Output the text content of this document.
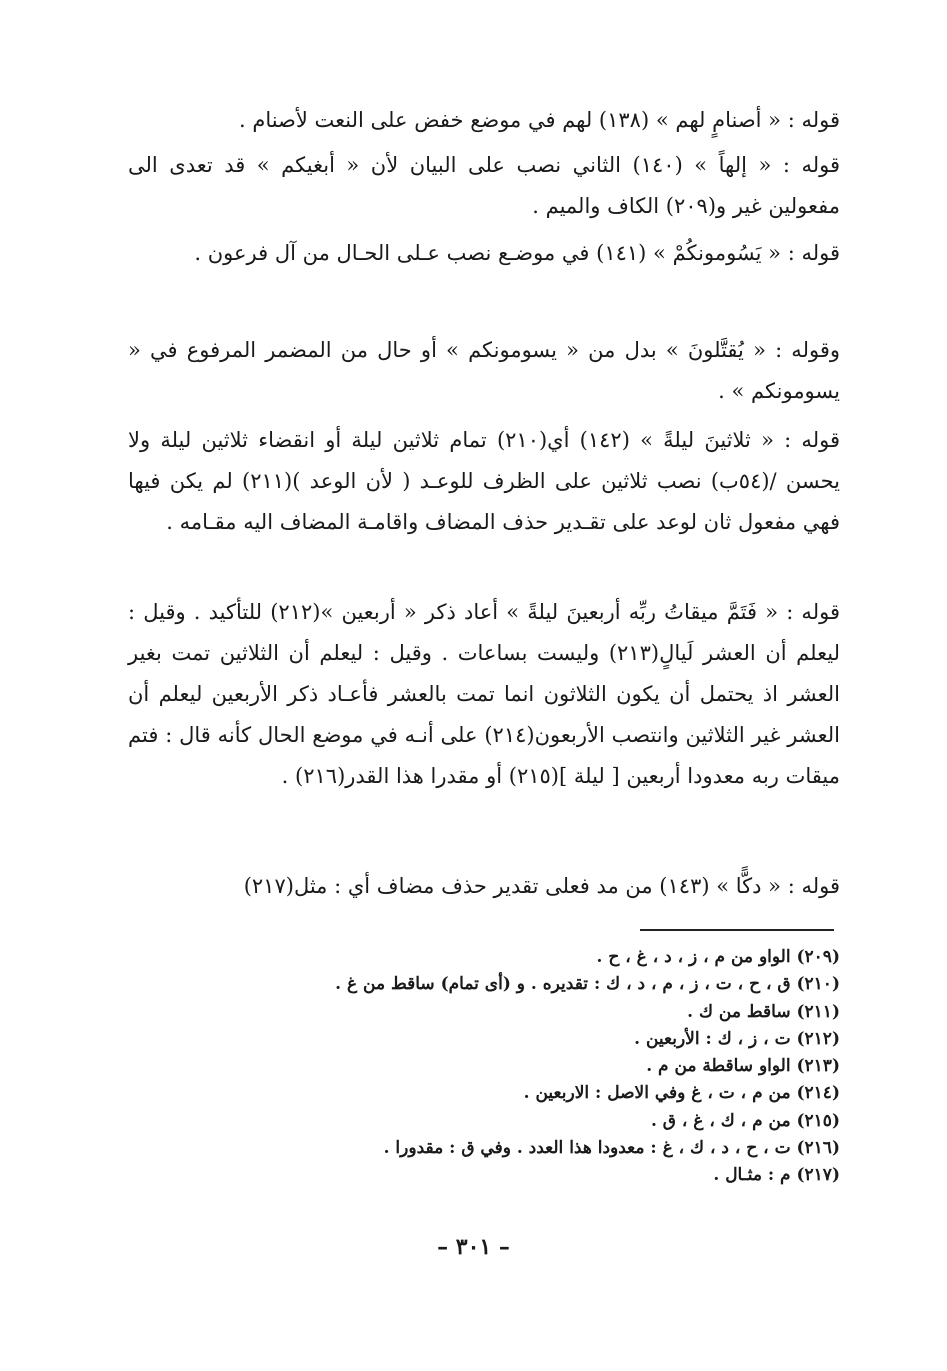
قوله : « أصنامٍ لهم » (١٣٨) لهم في موضع خفض على النعت لأصنام .

قوله : « إلهاً » (١٤٠) الثاني نصب على البيان لأن « أبغيكم » قد تعدى الى مفعولين غير و(٢٠٩) الكاف والميم .

قوله : « يَسُومونكُمْ » (١٤١) في موضـع نصب عـلى الحـال من آل فرعون .

وقوله : « يُقتَّلونَ » بدل من « يسومونكم » أو حال من المضمر المرفوع في « يسومونكم » .

قوله : « ثلاثينَ ليلةً » (١٤٢) أي(٢١٠) تمام ثلاثين ليلة أو انقضاء ثلاثين ليلة ولا يحسن /(٥٤ب) نصب ثلاثين على الظرف للوعـد ( لأن الوعد )(٢١١) لم يكن فيها فهي مفعول ثان لوعد على تقـدير حذف المضاف واقامـة المضاف اليه مقـامه .

قوله : « فَتَمَّ ميقاتُ ربِّه أربعينَ ليلةً » أعاد ذكر « أربعين »(٢١٢) للتأكيد . وقيل : ليعلم أن العشر لَيالٍ(٢١٣) وليست بساعات . وقيل : ليعلم أن الثلاثين تمت بغير العشر اذ يحتمل أن يكون الثلاثون انما تمت بالعشر فأعـاد ذكر الأربعين ليعلم أن العشر غير الثلاثين وانتصب الأربعون(٢١٤) على أنـه في موضع الحال كأنه قال : فتم ميقات ربه معدودا أربعين [ ليلة ](٢١٥) أو مقدرا هذا القدر(٢١٦) .

قوله : « دكًّا » (١٤٣) من مد فعلى تقدير حذف مضاف أي : مثل(٢١٧)

(٢٠٩) الواو من م ، ز ، د ، غ ، ح .
(٢١٠) ق ، ح ، ت ، ز ، م ، د ، ك : تقديره . و (أى تمام) ساقط من غ .
(٢١١) ساقط من ك .
(٢١٢) ت ، ز ، ك : الأربعين .
(٢١٣) الواو ساقطة من م .
(٢١٤) من م ، ت ، غ وفي الاصل : الاربعين .
(٢١٥) من م ، ك ، غ ، ق .
(٢١٦) ت ، ح ، د ، ك ، غ : معدودا هذا العدد . وفي ق : مقدورا .
(٢١٧) م : مثـال .
– ٣٠١ –
